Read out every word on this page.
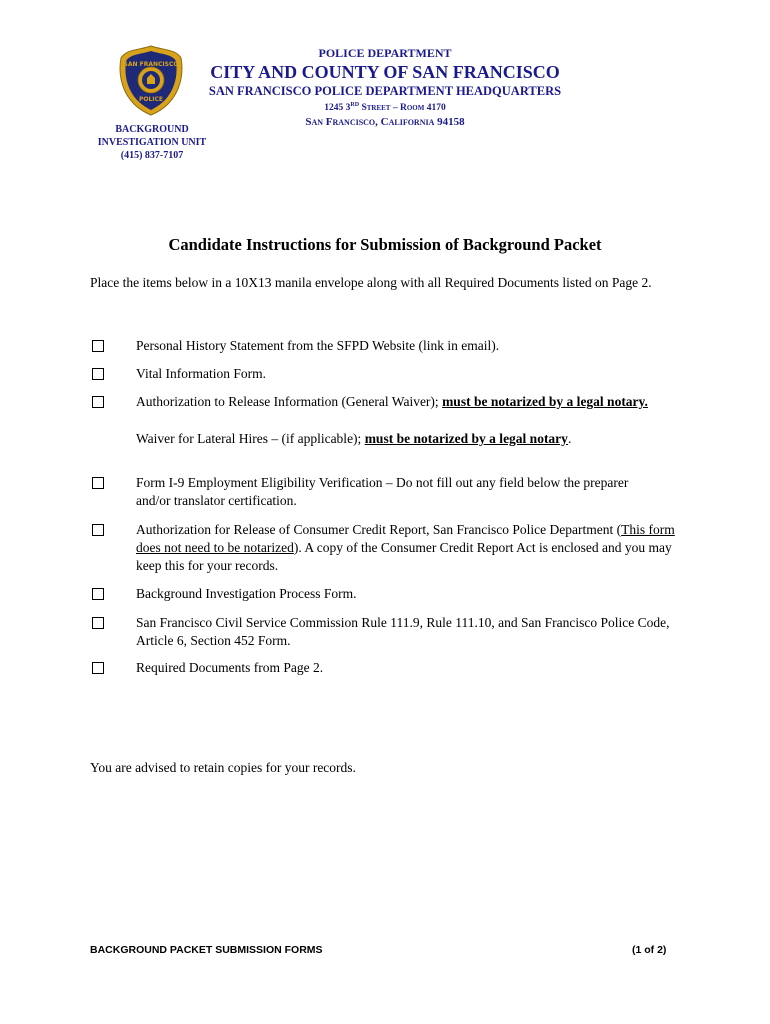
SAN FRANCISCO
POLICE
POLICE DEPARTMENT
CITY AND COUNTY OF SAN FRANCISCO
SAN FRANCISCO POLICE DEPARTMENT HEADQUARTERS
1245 3RD Street – Room 4170
San Francisco, California 94158
BACKGROUND
INVESTIGATION UNIT
(415) 837-7107
Candidate Instructions for Submission of Background Packet
Place the items below in a 10X13 manila envelope along with all Required Documents listed on Page 2.
Personal History Statement from the SFPD Website (link in email).
Vital Information Form.
Authorization to Release Information (General Waiver); must be notarized by a legal notary.
Waiver for Lateral Hires – (if applicable); must be notarized by a legal notary.
Form I-9 Employment Eligibility Verification – Do not fill out any field below the preparer and/or translator certification.
Authorization for Release of Consumer Credit Report, San Francisco Police Department (This form does not need to be notarized). A copy of the Consumer Credit Report Act is enclosed and you may keep this for your records.
Background Investigation Process Form.
San Francisco Civil Service Commission Rule 111.9, Rule 111.10, and San Francisco Police Code, Article 6, Section 452 Form.
Required Documents from Page 2.
You are advised to retain copies for your records.
BACKGROUND PACKET SUBMISSION FORMS	(1 of 2)
